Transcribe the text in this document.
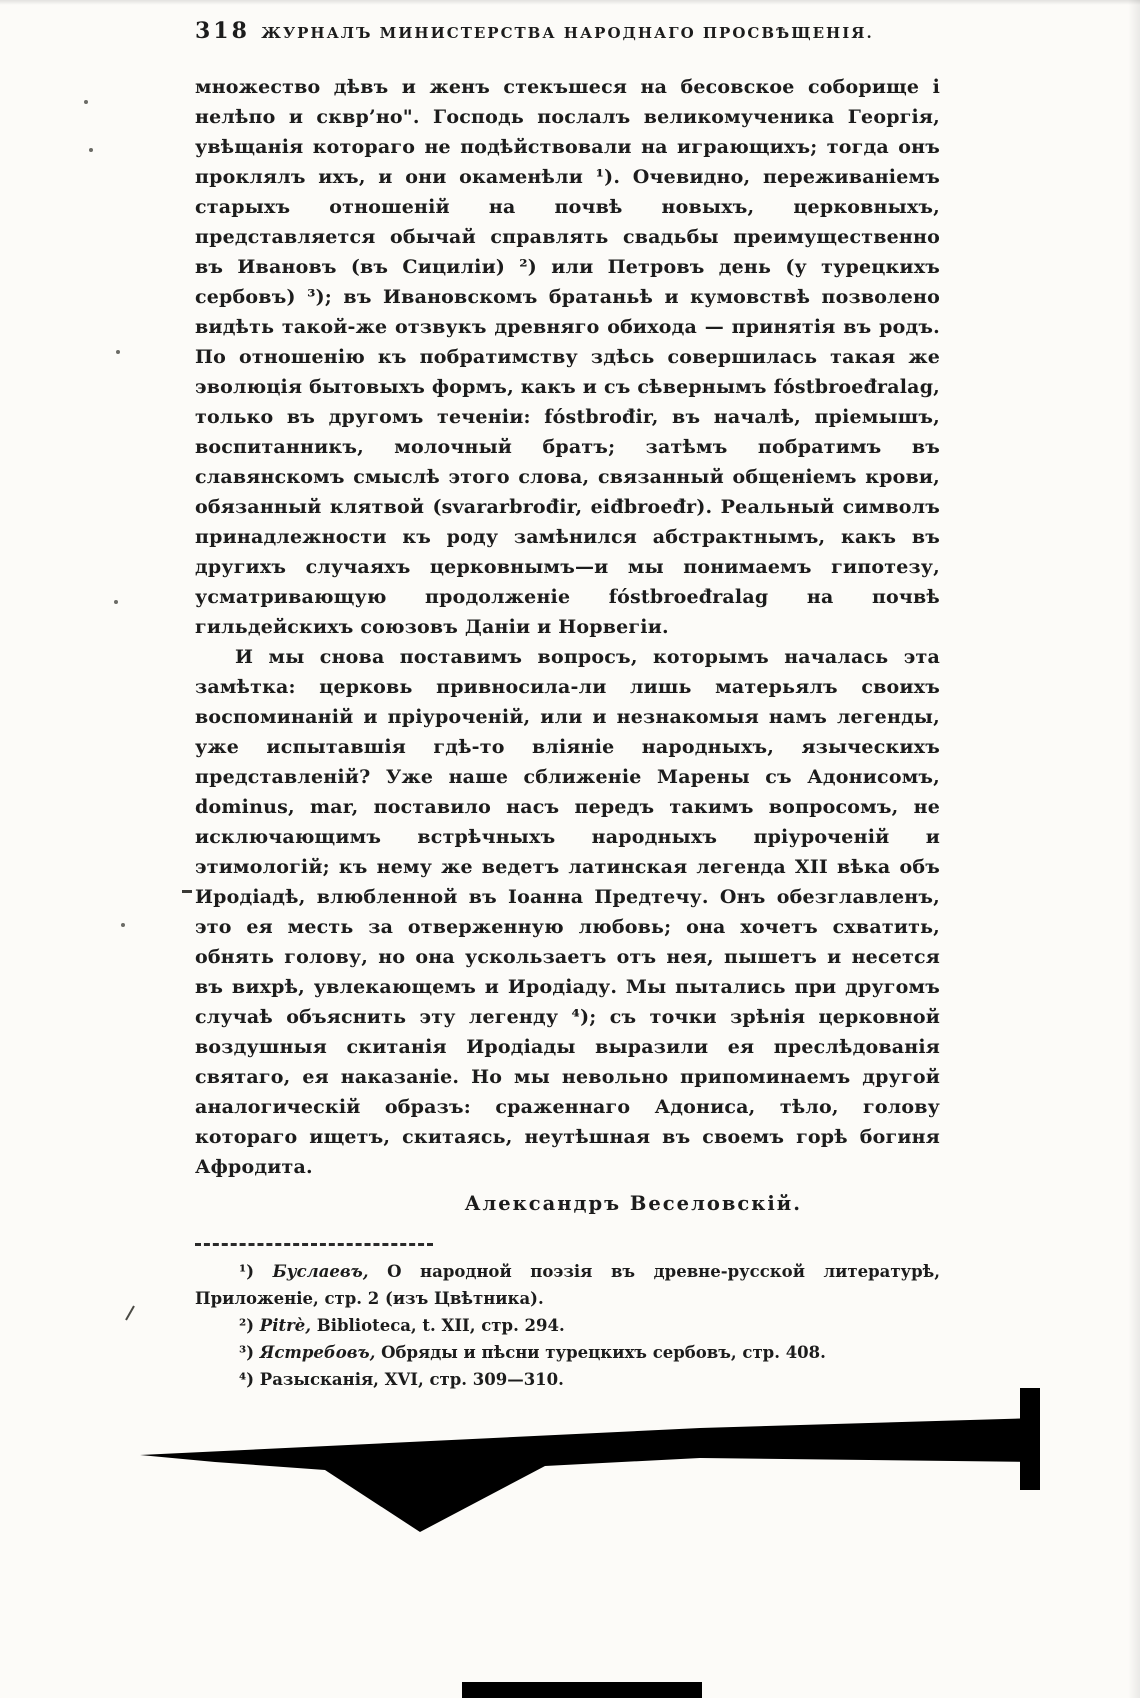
318 ЖУРНАЛЪ МИНИСТЕРСТВА НАРОДНАГО ПРОСВѢЩЕНІЯ.

множество дѣвъ и женъ стекъшеся на бесовское соборище і нелѣпо и сквр’но". Господь послалъ великомученика Георгія, увѣщанія котораго не подѣйствовали на играющихъ; тогда онъ проклялъ ихъ, и они окаменѣли ¹). Очевидно, переживаніемъ старыхъ отношеній на почвѣ новыхъ, церковныхъ, представляется обычай справлять свадьбы преимущественно въ Ивановъ (въ Сициліи) ²) или Петровъ день (у турецкихъ сербовъ) ³); въ Ивановскомъ братаньѣ и кумовствѣ позволено видѣть такой-же отзвукъ древняго обихода — принятія въ родъ. По отношенію къ побратимству здѣсь совершилась такая же эволюція бытовыхъ формъ, какъ и съ сѣвернымъ fóstbroeđralag, только въ другомъ теченіи: fóstbrođir, въ началѣ, пріемышъ, воспитанникъ, молочный братъ; затѣмъ побратимъ въ славянскомъ смыслѣ этого слова, связанный общеніемъ крови, обязанный клятвой (svararbrođir, eiđbroeđr). Реальный символъ принадлежности къ роду замѣнился абстрактнымъ, какъ въ другихъ случаяхъ церковнымъ—и мы понимаемъ гипотезу, усматривающую продолженіе fóstbroeđralag на почвѣ гильдейскихъ союзовъ Даніи и Норвегіи.

И мы снова поставимъ вопросъ, которымъ началась эта замѣтка: церковь привносила-ли лишь матерьялъ своихъ воспоминаній и пріуроченій, или и незнакомыя намъ легенды, уже испытавшія гдѣ-то вліяніе народныхъ, языческихъ представленій? Уже наше сближеніе Марены съ Адонисомъ, dominus, mar, поставило насъ передъ такимъ вопросомъ, не исключающимъ встрѣчныхъ народныхъ пріуроченій и этимологій; къ нему же ведетъ латинская легенда XII вѣка объ Иродіадѣ, влюбленной въ Іоанна Предтечу. Онъ обезглавленъ, это ея месть за отверженную любовь; она хочетъ схватить, обнять голову, но она ускользаетъ отъ нея, пышетъ и несется въ вихрѣ, увлекающемъ и Иродіаду. Мы пытались при другомъ случаѣ объяснить эту легенду ⁴); съ точки зрѣнія церковной воздушныя скитанія Иродіады выразили ея преслѣдованія святаго, ея наказаніе. Но мы невольно припоминаемъ другой аналогическій образъ: сраженнаго Адониса, тѣло, голову котораго ищетъ, скитаясь, неутѣшная въ своемъ горѣ богиня Афродита.

Александръ Веселовскій.

¹) Буслаевъ, О народной поэзія въ древне-русской литературѣ, Приложеніе, стр. 2 (изъ Цвѣтника).

²) Pitrè, Biblioteca, t. XII, стр. 294.

³) Ястребовъ, Обряды и пѣсни турецкихъ сербовъ, стр. 408.

⁴) Разысканія, XVI, стр. 309—310.
